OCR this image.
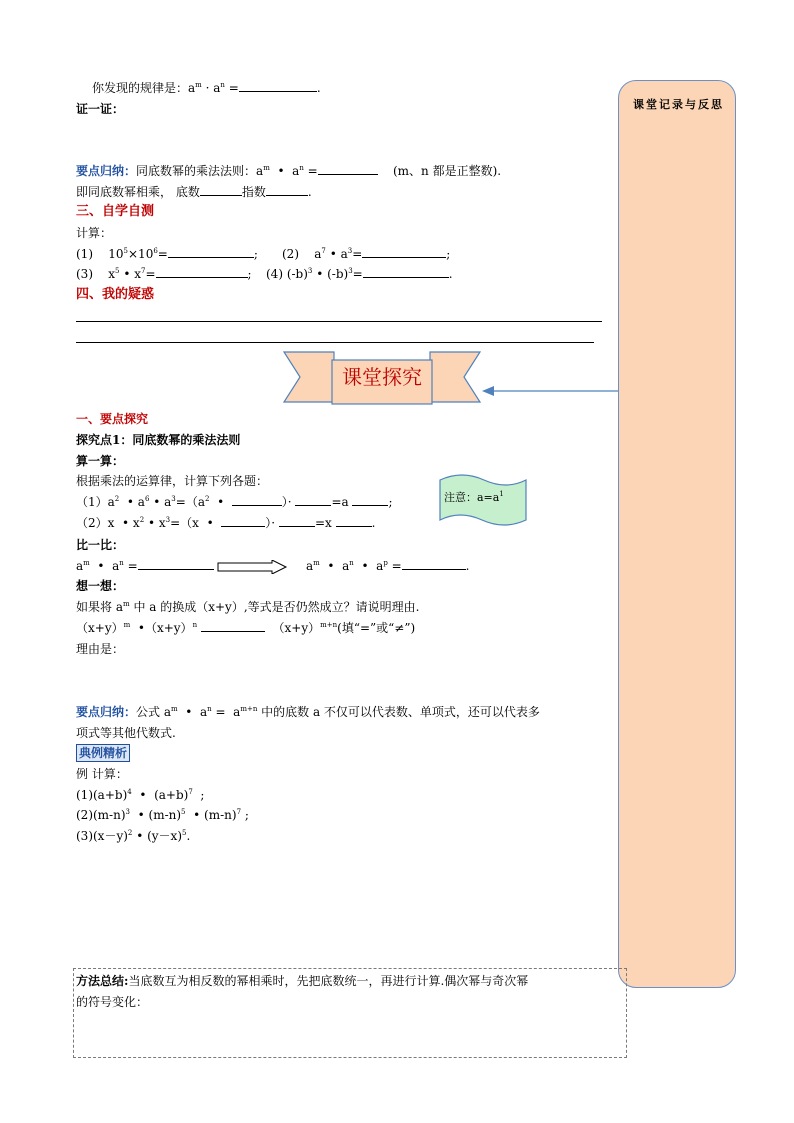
课堂记录与反思
你发现的规律是：$a^m \cdot a^n$ =	.
证一证：
要点归纳：同底数幂的乘法法则：$a^m$  •  $a^n$ =	(m、n 都是正整数).
即同底数幂相乘， 底数	指数	.
三、自学自测
计算：
(1)    $10^5\times 10^6=$	; (2)    $a^7$ • $a^3=$	;
(3)    $x^5$ • $x^7=$	; (4) $(-b)^3$ • $(-b)^3=$	.
四、我的疑惑
课堂探究
一、要点探究
探究点1：同底数幂的乘法法则
算一算：
根据乘法的运算律，计算下列各题：
$(1)a^2$  • $a^6$ • $a^3=(a^2$  •	）·	=a	;
（2）x  • $x^2$ • $x^3=(x$  •	）·	=x	.
注意：$a=a^1$
比一比：
$a^m$  •  $a^n$ =	$a^m$  •  $a^n$  •  $a^p$ =	.
想一想：
如果将 $a^m$ 中 a 的换成（x+y）,等式是否仍然成立？请说明理由.
$(x+y)^m$  $•(x+y)^n$	$(x+y)^{m+n}$(填“=”或“≠”)
理由是：
要点归纳：公式 $a^m$  •  $a^n = a^{m+n}$ 中的底数 a 不仅可以代表数、单项式，还可以代表多
项式等其他代数式.
典例精析
例 计算：
$(1)(a+b)^4$  •  $(a+b)^7$  ;
$(2)(m-n)^3$  • $(m-n)^5$  • $(m-n)^7$ ;
$(3)(x-y)^2$ • $(y-x)^5$.
方法总结:当底数互为相反数的幂相乘时，先把底数统一，再进行计算.偶次幂与奇次幂
的符号变化：
